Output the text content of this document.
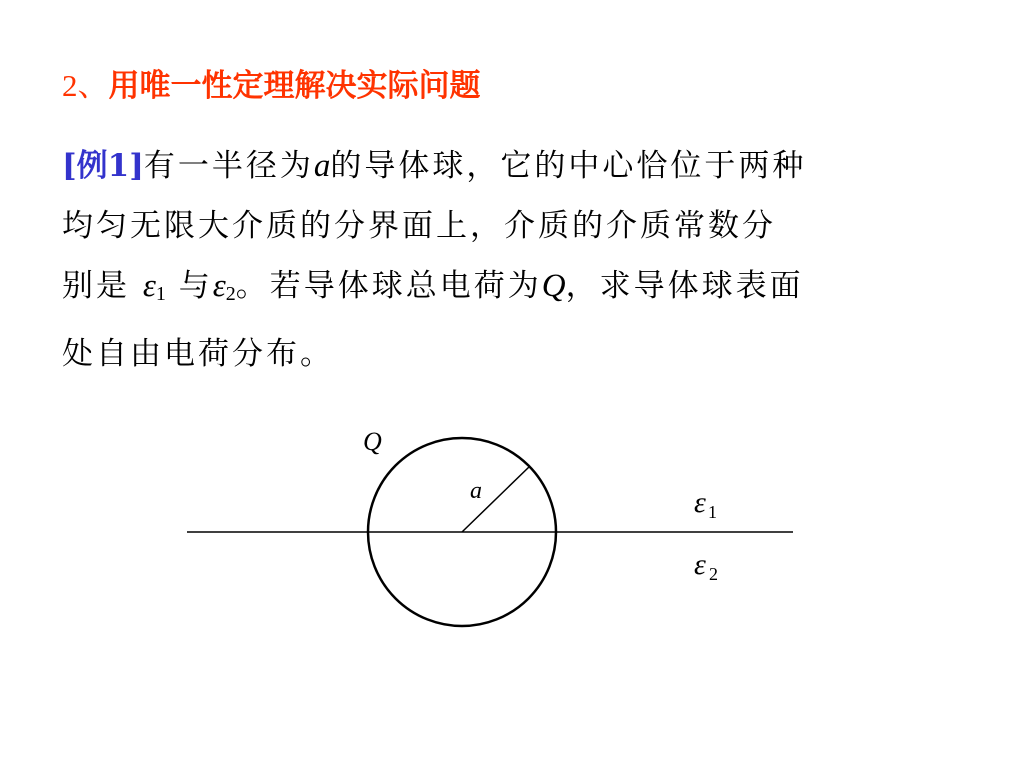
2、用唯一性定理解决实际问题
[例1]有一半径为a的导体球，它的中心恰位于两种
均匀无限大介质的分界面上，介质的介质常数分
别是 $\varepsilon_1$ 与$\varepsilon_2$。若导体球总电荷为Q，求导体球表面
处自由电荷分布。
Q
a	ε 1
ε 2
